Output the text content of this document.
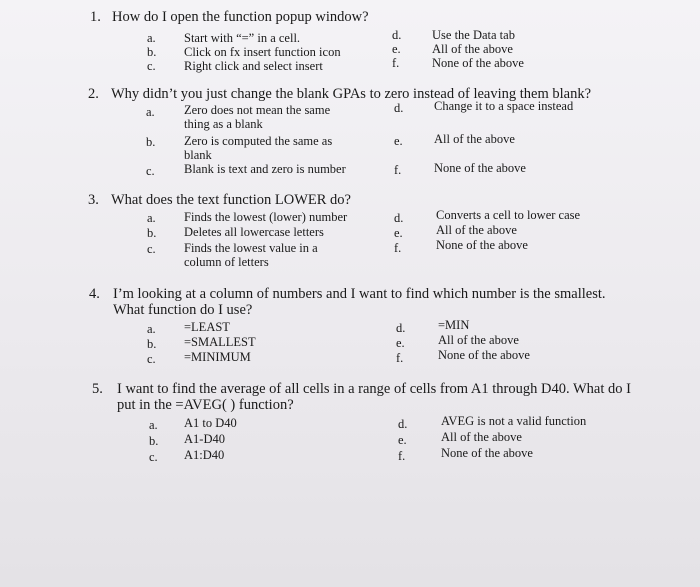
1. How do I open the function popup window?
a. Start with “=” in a cell.
b. Click on fx insert function icon
c. Right click and select insert
d. Use the Data tab
e.	All of the above
f.	None of the above
2. Why didn’t you just change the blank GPAs to zero instead of leaving them blank?
a. Zero does not mean the same thing as a blank
b. Zero is computed the same as blank
c. Blank is text and zero is number
d. Change it to a space instead
e.	All of the above
f.	None of the above
3. What does the text function LOWER do?
a. Finds the lowest (lower) number
b. Deletes all lowercase letters
c. Finds the lowest value in a column of letters
d.	Converts a cell to lower case
e.	All of the above
f.	None of the above
4. I’m looking at a column of numbers and I want to find which number is the smallest. What function do I use?
a. =LEAST
b. =SMALLEST
c. =MINIMUM
d.	=MIN
e.	All of the above
f.	None of the above
5. I want to find the average of all cells in a range of cells from A1 through D40. What do I put in the =AVEG( ) function?
a. A1 to D40
b. A1-D40
c. A1:D40
d.	AVEG is not a valid function
e.	All of the above
f.	None of the above
